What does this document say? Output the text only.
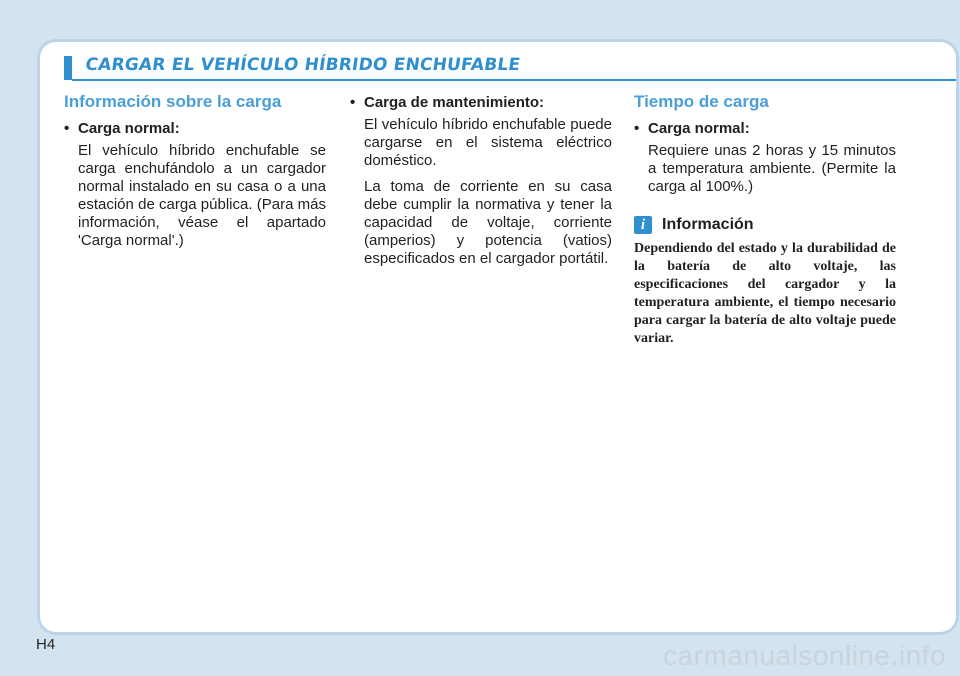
CARGAR EL VEHÍCULO HÍBRIDO ENCHUFABLE
Información sobre la carga

• Carga normal:

El vehículo híbrido enchufable se carga enchufándolo a un cargador normal instalado en su casa o a una estación de carga pública. (Para más información, véase el apartado 'Carga normal'.)

• Carga de mantenimiento:

El vehículo híbrido enchufable puede cargarse en el sistema eléctrico doméstico.

La toma de corriente en su casa debe cumplir la normativa y tener la capacidad de voltaje, corriente (amperios) y potencia (vatios) especificados en el cargador portátil.

Tiempo de carga

• Carga normal:

Requiere unas 2 horas y 15 minutos a temperatura ambiente. (Permite la carga al 100%.)

i	Información

Dependiendo del estado y la durabilidad de la batería de alto voltaje, las especificaciones del cargador y la temperatura ambiente, el tiempo necesario para cargar la batería de alto voltaje puede variar.

H4	carmanualsonline.info
